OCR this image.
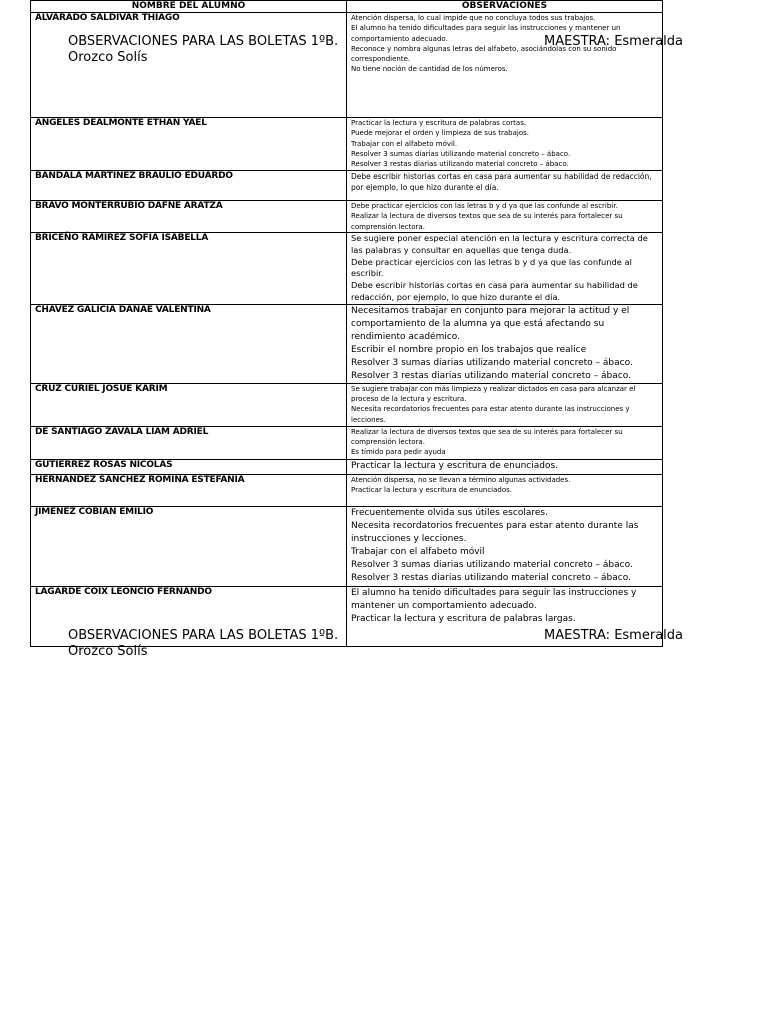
NOMBRE DEL ALUMNO	OBSERVACIONES
ALVARADO SALDIVAR THIAGO	Atención dispersa, lo cual impide que no concluya todos sus trabajos.
El alumno ha tenido dificultades para seguir las instrucciones y mantener un comportamiento adecuado.
Reconoce y nombra algunas letras del alfabeto, asociándolas con su sonido correspondiente.
No tiene noción de cantidad de los números.

ANGELES DEALMONTE ETHAN YAEL	Practicar la lectura y escritura de palabras cortas.
Puede mejorar el orden y limpieza de sus trabajos.
Trabajar con el alfabeto móvil.
Resolver 3 sumas diarias utilizando material concreto – ábaco.
Resolver 3 restas diarias utilizando material concreto – ábaco.

BANDALA MARTINEZ BRAULIO EDUARDO	Debe escribir historias cortas en casa para aumentar su habilidad de redacción, por ejemplo, lo que hizo durante el día.

BRAVO MONTERRUBIO DAFNE ARATZA	Debe practicar ejercicios con las letras b y d ya que las confunde al escribir.
Realizar la lectura de diversos textos que sea de su interés para fortalecer su comprensión lectora.

BRICEÑO RAMIREZ SOFIA ISABELLA	Se sugiere poner especial atención en la lectura y escritura correcta de las palabras y consultar en aquellas que tenga duda.
Debe practicar ejercicios con las letras b y d ya que las confunde al escribir.
Debe escribir historias cortas en casa para aumentar su habilidad de redacción, por ejemplo, lo que hizo durante el día.

CHAVEZ GALICIA DANAE VALENTINA	Necesitamos trabajar en conjunto para mejorar la actitud y el comportamiento de la alumna ya que está afectando su rendimiento académico.
Escribir el nombre propio en los trabajos que realice
Resolver 3 sumas diarias utilizando material concreto – ábaco.
Resolver 3 restas diarias utilizando material concreto – ábaco.

CRUZ CURIEL JOSUE KARIM	Se sugiere trabajar con más limpieza y realizar dictados en casa para alcanzar el proceso de la lectura y escritura.
Necesita recordatorios frecuentes para estar atento durante las instrucciones y lecciones.

DE SANTIAGO ZAVALA LIAM ADRIEL	Realizar la lectura de diversos textos que sea de su interés para fortalecer su comprensión lectora.
Es tímido para pedir ayuda

GUTIERREZ ROSAS NICOLAS	Practicar la lectura y escritura de enunciados.

HERNANDEZ SANCHEZ ROMINA ESTEFANIA	Atención dispersa, no se llevan a término algunas actividades.
Practicar la lectura y escritura de enunciados.

JIMENEZ COBIAN EMILIO	Frecuentemente olvida sus útiles escolares.
Necesita recordatorios frecuentes para estar atento durante las instrucciones y lecciones.
Trabajar con el alfabeto móvil
Resolver 3 sumas diarias utilizando material concreto – ábaco.
Resolver 3 restas diarias utilizando material concreto – ábaco.

LAGARDE COIX LEONCIO FERNANDO	El alumno ha tenido dificultades para seguir las instrucciones y mantener un comportamiento adecuado.
Practicar la lectura y escritura de palabras largas.
OBSERVACIONES PARA LAS BOLETAS 1ºB.	MAESTRA: Esmeralda
Orozco Solís
OBSERVACIONES PARA LAS BOLETAS 1ºB.	MAESTRA: Esmeralda
Orozco Solís
